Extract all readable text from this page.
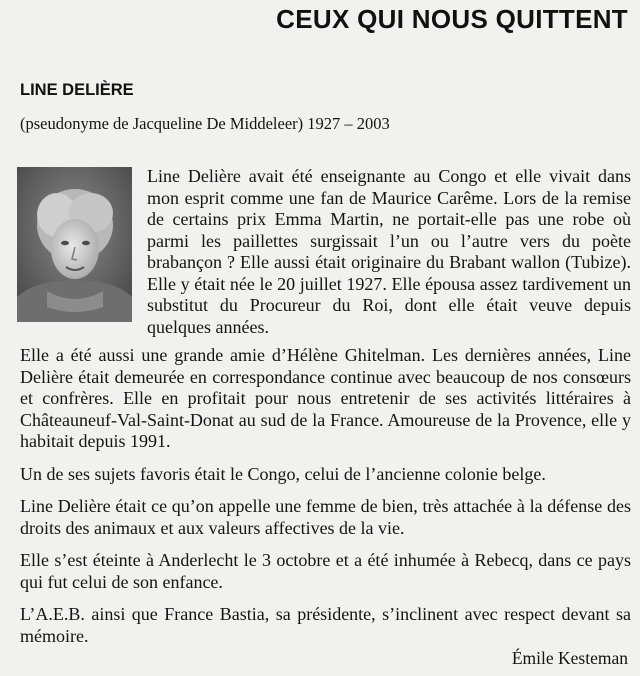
CEUX QUI NOUS QUITTENT
LINE DELIÈRE

(pseudonyme de Jacqueline De Middeleer) 1927 – 2003

Line Delière avait été enseignante au Congo et elle vivait dans mon esprit comme une fan de Maurice Carême. Lors de la remise de certains prix Emma Martin, ne portait-elle pas une robe où parmi les paillettes surgissait l’un ou l’autre vers du poète brabançon ? Elle aussi était originaire du Brabant wallon (Tubize). Elle y était née le 20 juillet 1927. Elle épousa assez tardivement un substitut du Procureur du Roi, dont elle était veuve depuis quelques années.

Elle a été aussi une grande amie d’Hélène Ghitelman. Les dernières années, Line Delière était demeurée en correspondance continue avec beaucoup de nos consœurs et confrères. Elle en profitait pour nous entretenir de ses activités littéraires à Châteauneuf-Val-Saint-Donat au sud de la France. Amoureuse de la Provence, elle y habitait depuis 1991.

Un de ses sujets favoris était le Congo, celui de l’ancienne colonie belge.

Line Delière était ce qu’on appelle une femme de bien, très attachée à la défense des droits des animaux et aux valeurs affectives de la vie.

Elle s’est éteinte à Anderlecht le 3 octobre et a été inhumée à Rebecq, dans ce pays qui fut celui de son enfance.

L’A.E.B. ainsi que France Bastia, sa présidente, s’inclinent avec respect devant sa mémoire.

Émile Kesteman
